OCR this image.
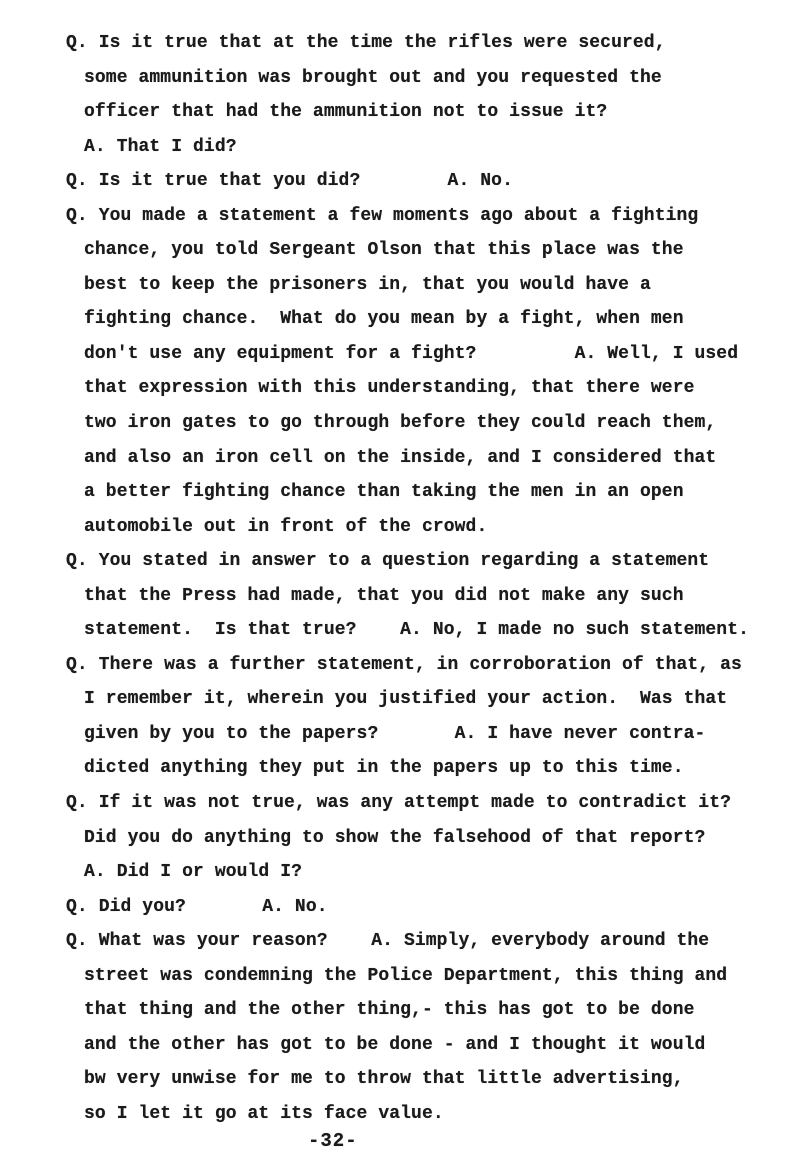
Q. Is it true that at the time the rifles were secured,
some ammunition was brought out and you requested the
officer that had the ammunition not to issue it?
A. That I did?
Q. Is it true that you did?        A. No.
Q. You made a statement a few moments ago about a fighting
chance, you told Sergeant Olson that this place was the
best to keep the prisoners in, that you would have a
fighting chance.  What do you mean by a fight, when men
don't use any equipment for a fight?         A. Well, I used
that expression with this understanding, that there were
two iron gates to go through before they could reach them,
and also an iron cell on the inside, and I considered that
a better fighting chance than taking the men in an open
automobile out in front of the crowd.
Q. You stated in answer to a question regarding a statement
that the Press had made, that you did not make any such
statement.  Is that true?    A. No, I made no such statement.
Q. There was a further statement, in corroboration of that, as
I remember it, wherein you justified your action.  Was that
given by you to the papers?       A. I have never contra-
dicted anything they put in the papers up to this time.
Q. If it was not true, was any attempt made to contradict it?
Did you do anything to show the falsehood of that report?
A. Did I or would I?
Q. Did you?       A. No.
Q. What was your reason?    A. Simply, everybody around the
street was condemning the Police Department, this thing and
that thing and the other thing,- this has got to be done
and the other has got to be done - and I thought it would
bw very unwise for me to throw that little advertising,
so I let it go at its face value.
-32-
